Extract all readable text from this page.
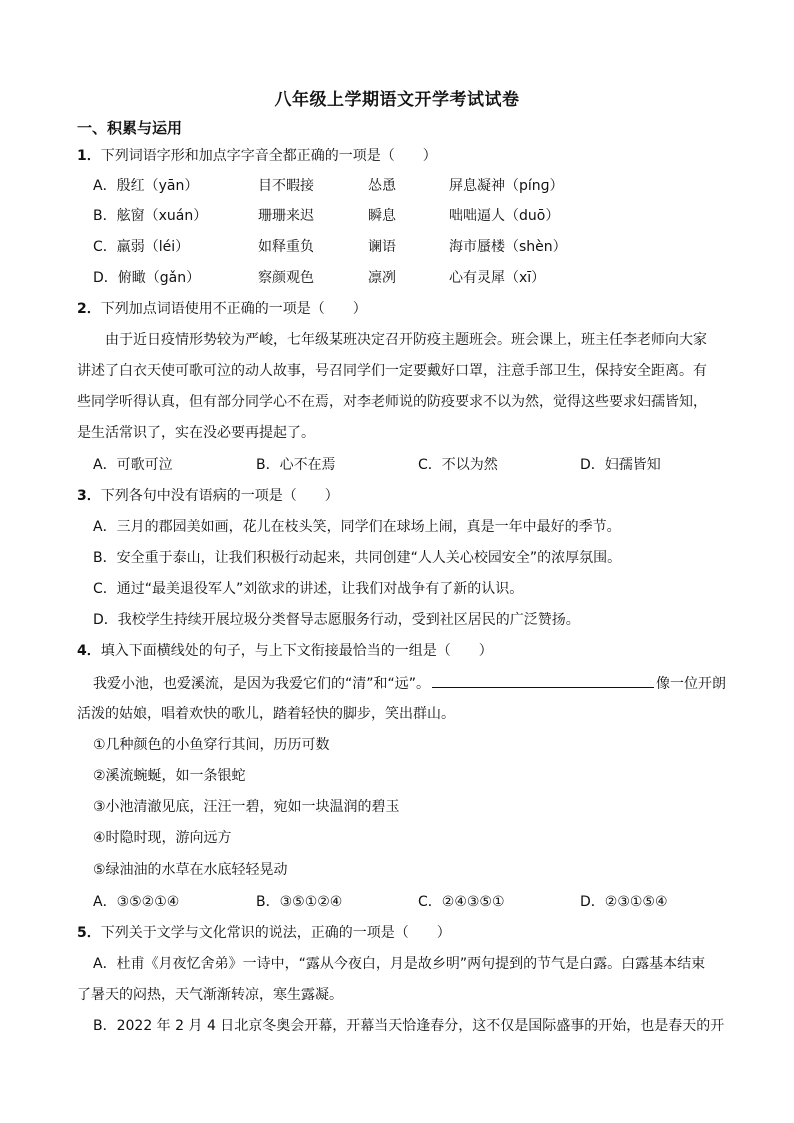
八年级上学期语文开学考试试卷
一、积累与运用
1．下列词语字形和加点字字音全都正确的一项是（　　）
A．殷红（yān）	目不暇接	怂恿	屏息凝神（pínɡ）
B．舷窗（xuán）	珊珊来迟	瞬息	咄咄逼人（duō）
C．羸弱（léi）	如释重负	谰语	海市蜃楼（shèn）
D．俯瞰（gǎn）	察颜观色	凛冽	心有灵犀（xī）
2．下列加点词语使用不正确的一项是（　　）
由于近日疫情形势较为严峻，七年级某班决定召开防疫主题班会。班会课上，班主任李老师向大家
讲述了白衣天使可歌可泣的动人故事，号召同学们一定要戴好口罩，注意手部卫生，保持安全距离。有
些同学听得认真，但有部分同学心不在焉，对李老师说的防疫要求不以为然，觉得这些要求妇孺皆知，
是生活常识了，实在没必要再提起了。
A．可歌可泣	B．心不在焉	C．不以为然	D．妇孺皆知
3．下列各句中没有语病的一项是（　　）
A．三月的郡园美如画，花儿在枝头笑，同学们在球场上闹，真是一年中最好的季节。
B．安全重于泰山，让我们积极行动起来，共同创建“人人关心校园安全”的浓厚氛围。
C．通过“最美退役军人”刘欲求的讲述，让我们对战争有了新的认识。
D．我校学生持续开展垃圾分类督导志愿服务行动，受到社区居民的广泛赞扬。
4．填入下面横线处的句子，与上下文衔接最恰当的一组是（　　）
我爱小池，也爱溪流，是因为我爱它们的“清”和“远”。	像一位开朗
活泼的姑娘，唱着欢快的歌儿，踏着轻快的脚步，笑出群山。
①几种颜色的小鱼穿行其间，历历可数
②溪流蜿蜒，如一条银蛇
③小池清澈见底，汪汪一碧，宛如一块温润的碧玉
④时隐时现，游向远方
⑤绿油油的水草在水底轻轻晃动
A．③⑤②①④	B．③⑤①②④	C．②④③⑤①	D．②③①⑤④
5．下列关于文学与文化常识的说法，正确的一项是（　　）
A．杜甫《月夜忆舍弟》一诗中，“露从今夜白，月是故乡明”两句提到的节气是白露。白露基本结束
了暑天的闷热，天气渐渐转凉，寒生露凝。
B．2022 年 2 月 4 日北京冬奥会开幕，开幕当天恰逢春分，这不仅是国际盛事的开始，也是春天的开
